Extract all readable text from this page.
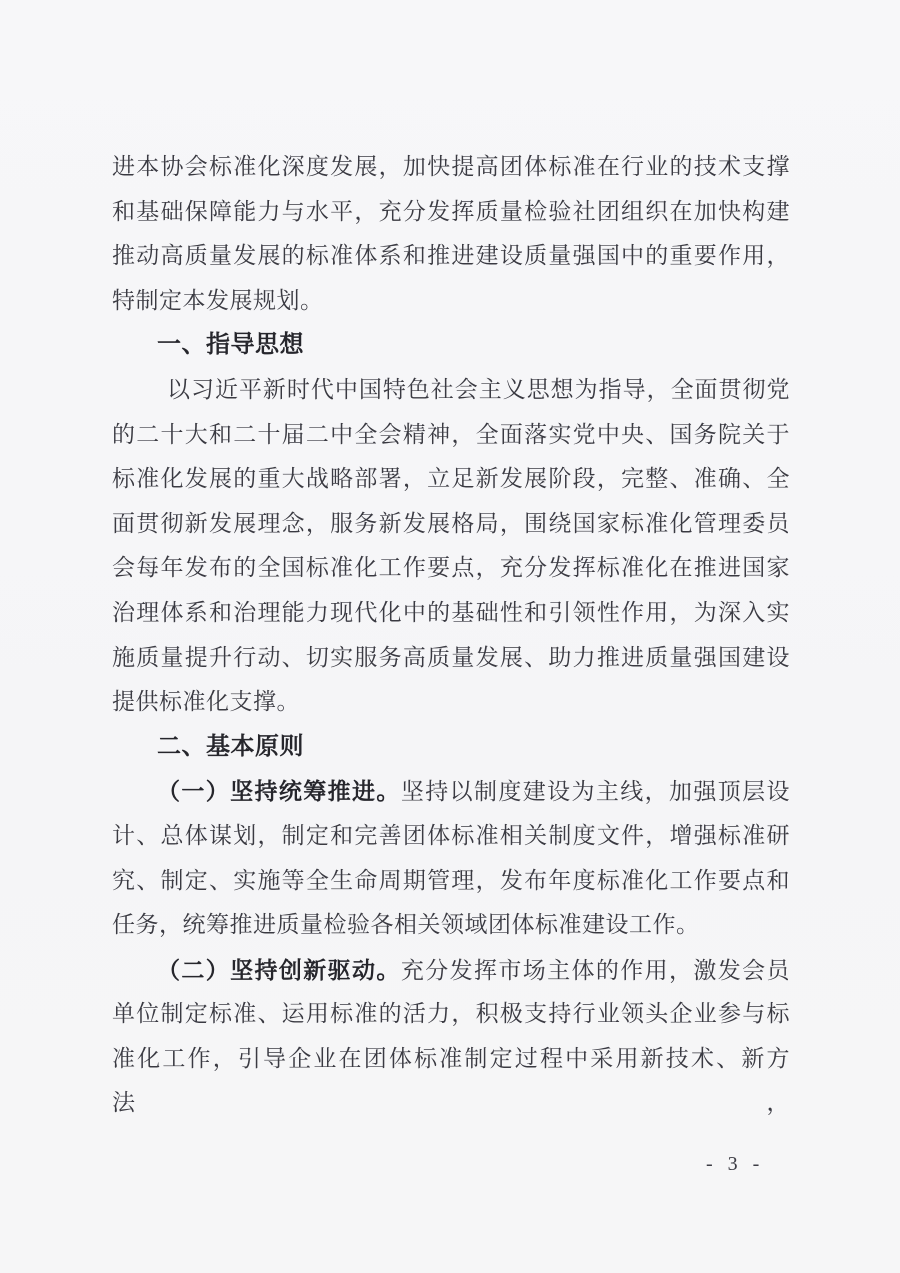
进本协会标准化深度发展，加快提高团体标准在行业的技术支撑
和基础保障能力与水平，充分发挥质量检验社团组织在加快构建
推动高质量发展的标准体系和推进建设质量强国中的重要作用，
特制定本发展规划。
一、指导思想
以习近平新时代中国特色社会主义思想为指导，全面贯彻党
的二十大和二十届二中全会精神，全面落实党中央、国务院关于
标准化发展的重大战略部署，立足新发展阶段，完整、准确、全
面贯彻新发展理念，服务新发展格局，围绕国家标准化管理委员
会每年发布的全国标准化工作要点，充分发挥标准化在推进国家
治理体系和治理能力现代化中的基础性和引领性作用，为深入实
施质量提升行动、切实服务高质量发展、助力推进质量强国建设
提供标准化支撑。
二、基本原则
（一）坚持统筹推进。坚持以制度建设为主线，加强顶层设
计、总体谋划，制定和完善团体标准相关制度文件，增强标准研
究、制定、实施等全生命周期管理，发布年度标准化工作要点和
任务，统筹推进质量检验各相关领域团体标准建设工作。
（二）坚持创新驱动。充分发挥市场主体的作用，激发会员
单位制定标准、运用标准的活力，积极支持行业领头企业参与标
准化工作，引导企业在团体标准制定过程中采用新技术、新方法，
- 3 -
